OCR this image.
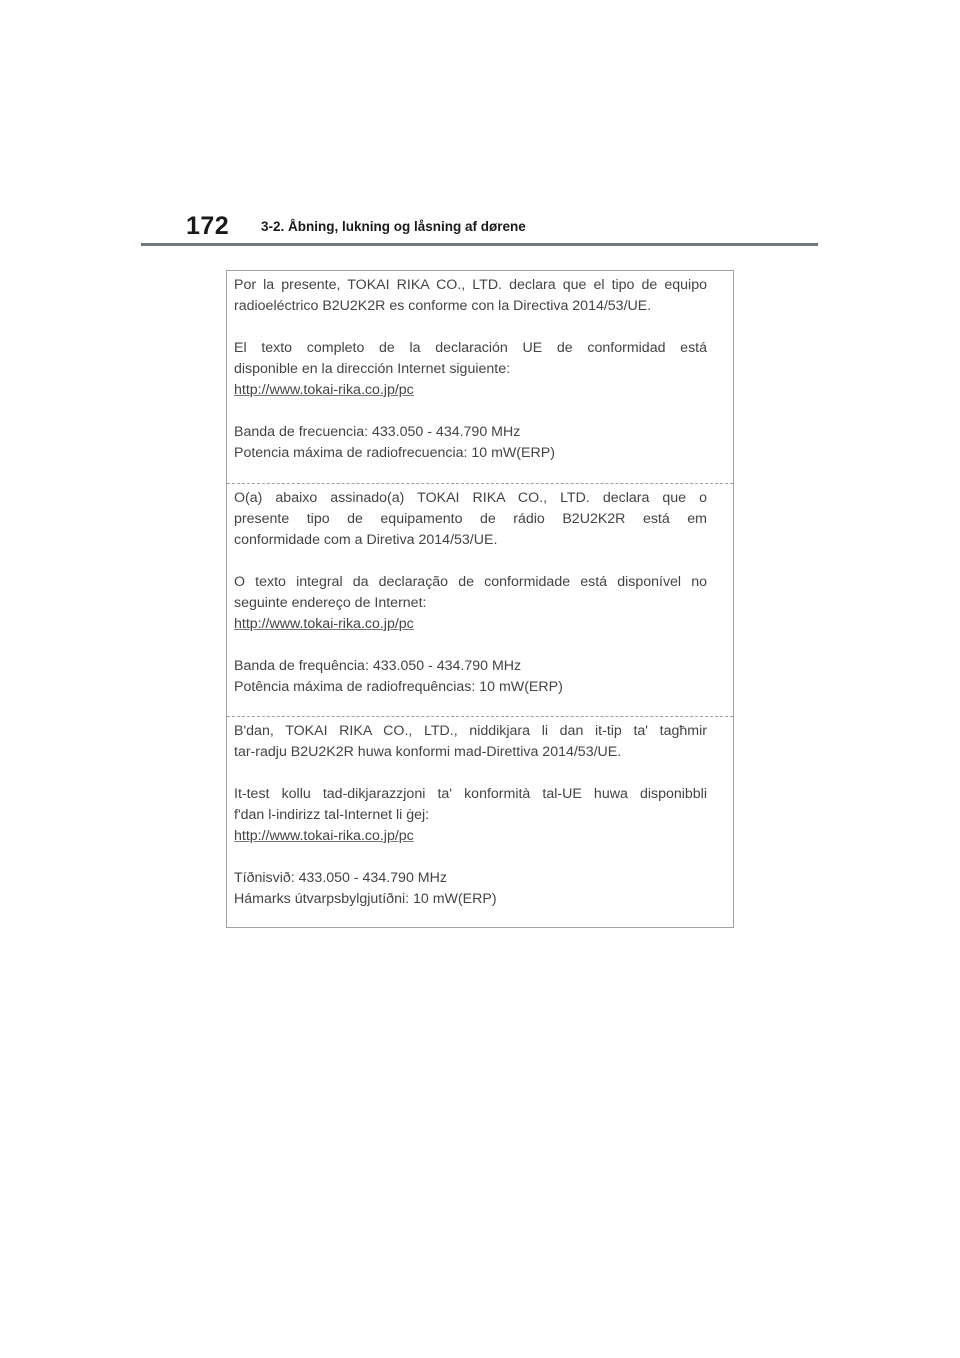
172 3-2. Åbning, lukning og låsning af dørene
Por la presente, TOKAI RIKA CO., LTD. declara que el tipo de equipo
radioeléctrico B2U2K2R es conforme con la Directiva 2014/53/UE.
El texto completo de la declaración UE de conformidad está
disponible en la dirección Internet siguiente:
http://www.tokai-rika.co.jp/pc
Banda de frecuencia: 433.050 - 434.790 MHz
Potencia máxima de radiofrecuencia: 10 mW(ERP)
O(a) abaixo assinado(a) TOKAI RIKA CO., LTD. declara que o
presente tipo de equipamento de rádio B2U2K2R está em
conformidade com a Diretiva 2014/53/UE.
O texto integral da declaração de conformidade está disponível no
seguinte endereço de Internet:
http://www.tokai-rika.co.jp/pc
Banda de frequência: 433.050 - 434.790 MHz
Potência máxima de radiofrequências: 10 mW(ERP)
B'dan, TOKAI RIKA CO., LTD., niddikjara li dan it-tip ta' tagħmir
tar-radju B2U2K2R huwa konformi mad-Direttiva 2014/53/UE.
It-test kollu tad-dikjarazzjoni ta' konformità tal-UE huwa disponibbli
f'dan l-indirizz tal-Internet li ġej:
http://www.tokai-rika.co.jp/pc
Tíðnisvið: 433.050 - 434.790 MHz
Hámarks útvarpsbylgjutíðni: 10 mW(ERP)
